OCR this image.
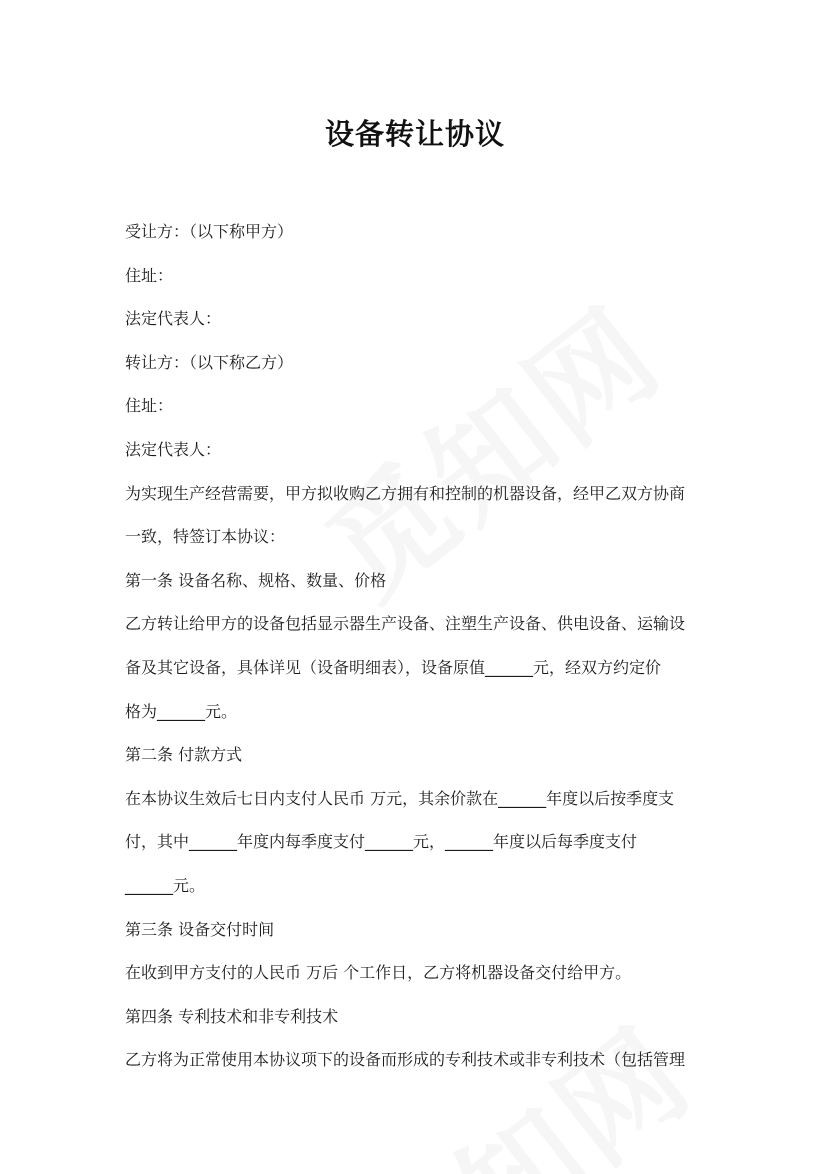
设备转让协议
受让方：（以下称甲方）
住址：
法定代表人：
转让方：（以下称乙方）
住址：
法定代表人：
为实现生产经营需要，甲方拟收购乙方拥有和控制的机器设备，经甲乙双方协商
一致，特签订本协议：
第一条 设备名称、规格、数量、价格
乙方转让给甲方的设备包括显示器生产设备、注塑生产设备、供电设备、运输设
备及其它设备，具体详见（设备明细表），设备原值______元，经双方约定价
格为______元。
第二条 付款方式
在本协议生效后七日内支付人民币 万元，其余价款在______年度以后按季度支
付，其中______年度内每季度支付______元，______年度以后每季度支付
______元。
第三条 设备交付时间
在收到甲方支付的人民币 万后 个工作日，乙方将机器设备交付给甲方。
第四条 专利技术和非专利技术
乙方将为正常使用本协议项下的设备而形成的专利技术或非专利技术（包括管理
